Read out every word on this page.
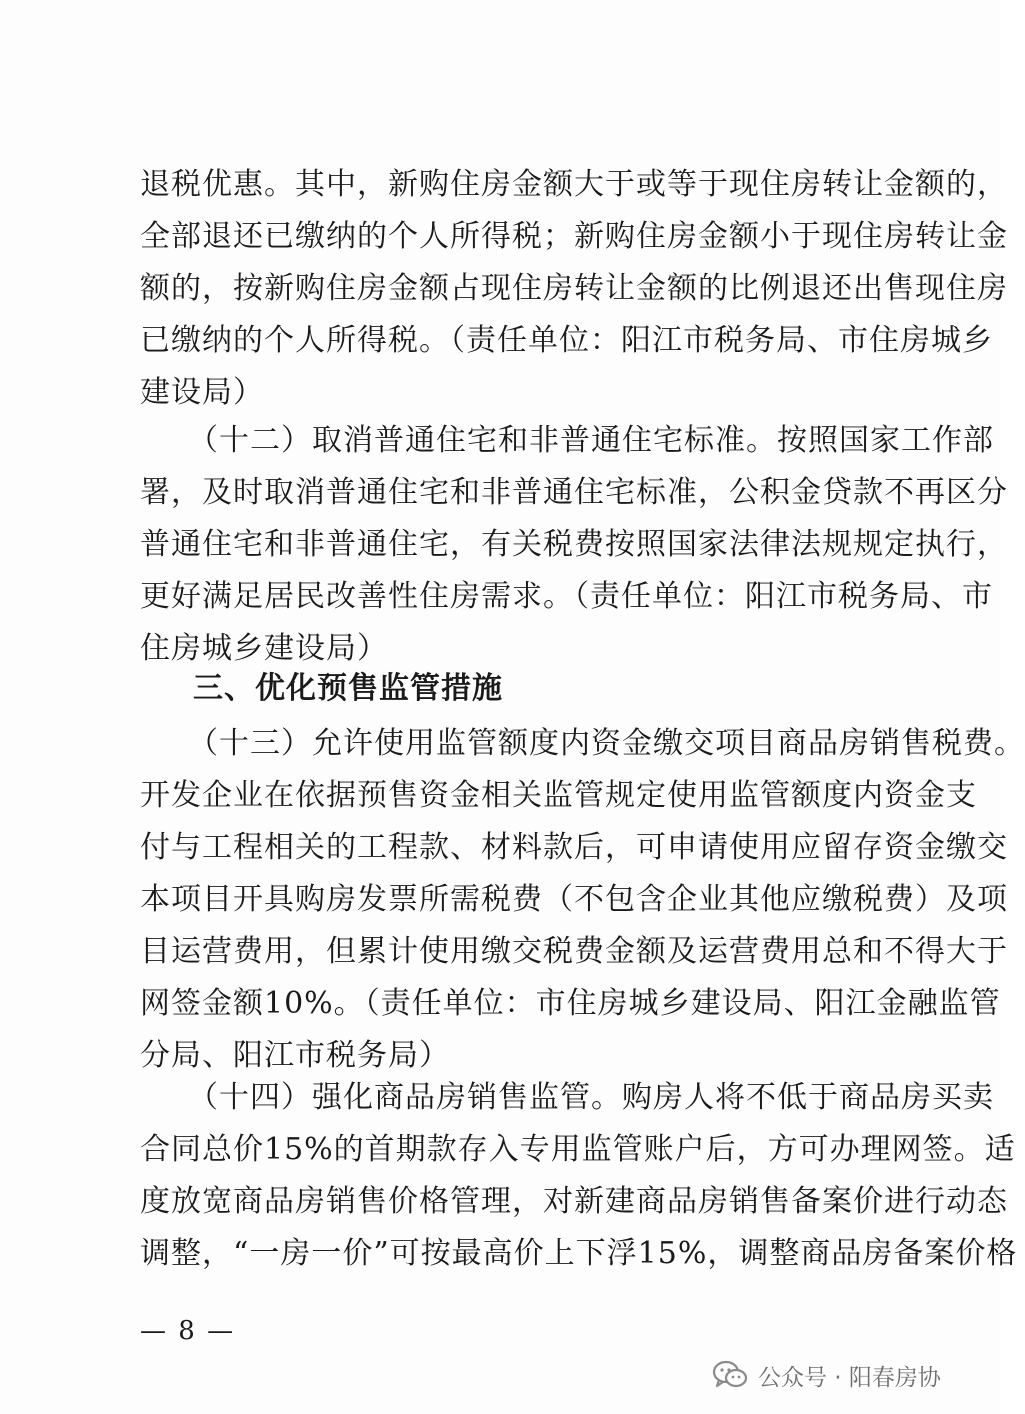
退税优惠。其中，新购住房金额大于或等于现住房转让金额的，
全部退还已缴纳的个人所得税；新购住房金额小于现住房转让金
额的，按新购住房金额占现住房转让金额的比例退还出售现住房
已缴纳的个人所得税。（责任单位：阳江市税务局、市住房城乡
建设局）
（十二）取消普通住宅和非普通住宅标准。按照国家工作部
署，及时取消普通住宅和非普通住宅标准，公积金贷款不再区分
普通住宅和非普通住宅，有关税费按照国家法律法规规定执行，
更好满足居民改善性住房需求。（责任单位：阳江市税务局、市
住房城乡建设局）
三、优化预售监管措施
（十三）允许使用监管额度内资金缴交项目商品房销售税费。
开发企业在依据预售资金相关监管规定使用监管额度内资金支
付与工程相关的工程款、材料款后，可申请使用应留存资金缴交
本项目开具购房发票所需税费（不包含企业其他应缴税费）及项
目运营费用，但累计使用缴交税费金额及运营费用总和不得大于
网签金额10%。（责任单位：市住房城乡建设局、阳江金融监管
分局、阳江市税务局）
（十四）强化商品房销售监管。购房人将不低于商品房买卖
合同总价15%的首期款存入专用监管账户后，方可办理网签。适
度放宽商品房销售价格管理，对新建商品房销售备案价进行动态
调整，“一房一价”可按最高价上下浮15%，调整商品房备案价格
— 8 —
公众号 · 阳春房协
